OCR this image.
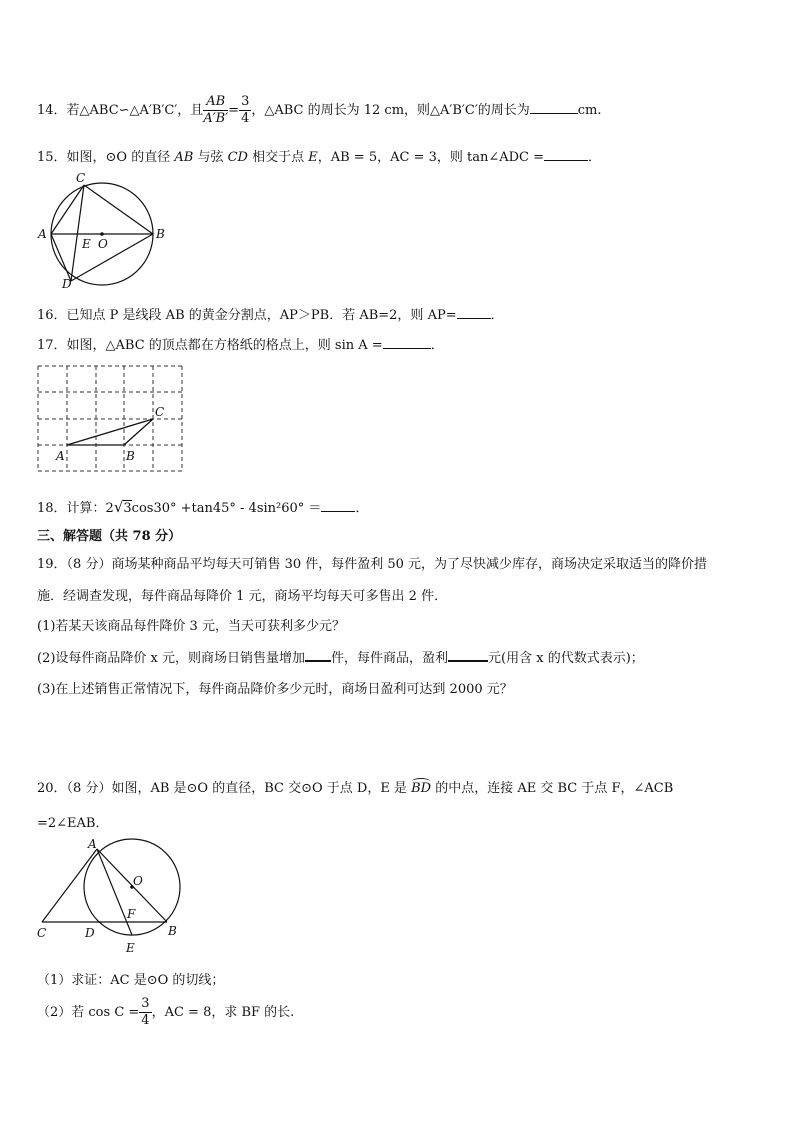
14．若△ABC∽△A′B′C′，且 $\frac{AB}{A'B'} = \frac{3}{4}$ ，△ABC 的周长为 12 cm，则△A′B′C′的周长为	cm.
15．如图，⊙O 的直径 AB 与弦 CD 相交于点 E，AB = 5，AC = 3，则 tan∠ADC =	．
C
A	B
E O
D
16．已知点 P 是线段 AB 的黄金分割点，AP＞PB．若 AB=2，则 AP=	．
17．如图，△ABC 的顶点都在方格纸的格点上，则 sin A =	．
A	B
C
18．计算：2√3cos30° +tan45° - 4sin²60° ＝	．
三、解答题（共 78 分）
19．（8 分）商场某种商品平均每天可销售 30 件，每件盈利 50 元，为了尽快减少库存，商场决定采取适当的降价措
施．经调查发现，每件商品每降价 1 元，商场平均每天可多售出 2 件．
(1)若某天该商品每件降价 3 元，当天可获利多少元？
(2)设每件商品降价 x 元，则商场日销售量增加 件，每件商品，盈利	元(用含 x 的代数式表示)；
(3)在上述销售正常情况下，每件商品降价多少元时，商场日盈利可达到 2000 元？
20．（8 分）如图，AB 是⊙O 的直径，BC 交⊙O 于点 D，E 是
BD 的中点，连接 AE 交 BC 于点 F，∠ACB
=2∠EAB．
A
O
F
C	D	B
E
（1）求证：AC 是⊙O 的切线；
（2）若 $\cos C = \frac{3}{4}$ ，AC = 8，求 BF 的长.
